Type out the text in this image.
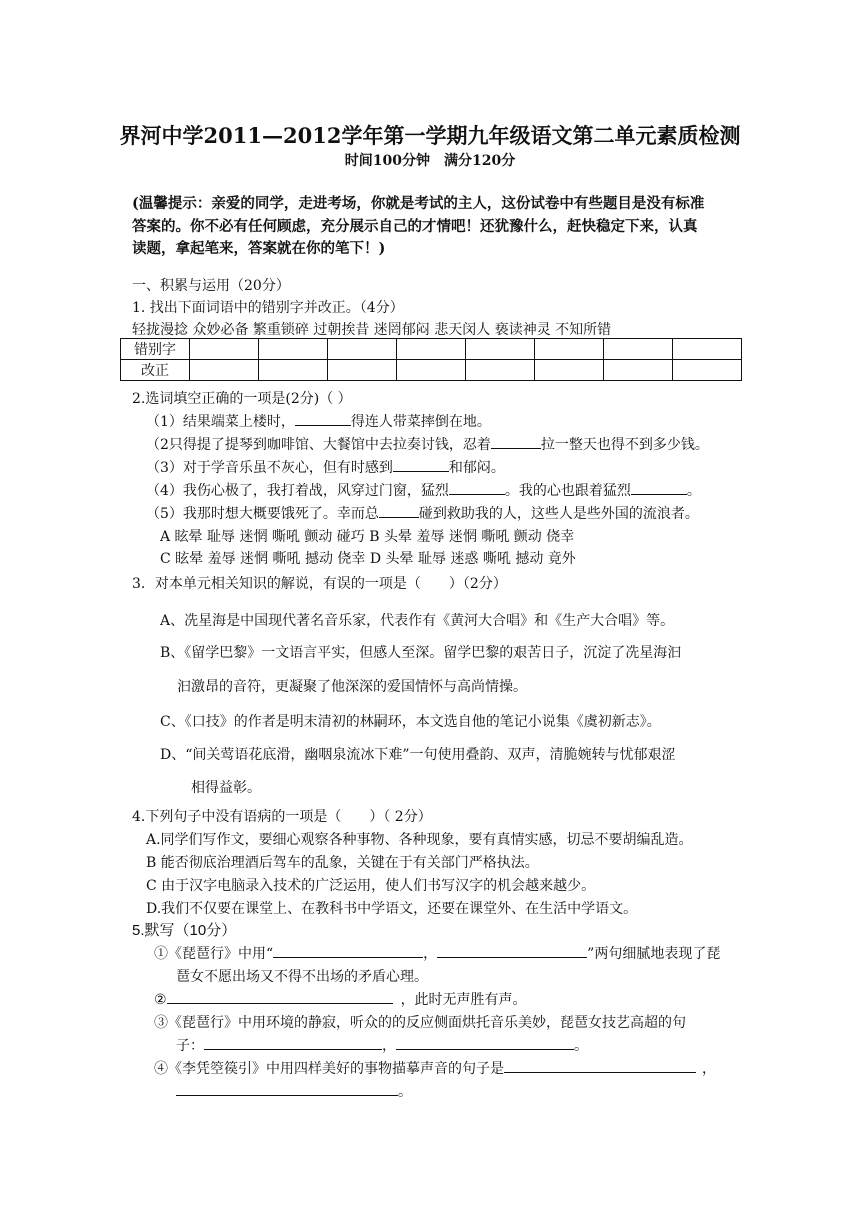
界河中学2011—2012学年第一学期九年级语文第二单元素质检测
时间100分钟　满分120分
(温馨提示：亲爱的同学，走进考场，你就是考试的主人，这份试卷中有些题目是没有标准
答案的。你不必有任何顾虑，充分展示自己的才情吧！还犹豫什么，赶快稳定下来，认真
读题，拿起笔来，答案就在你的笔下！)
一、积累与运用（20分）
1. 找出下面词语中的错别字并改正。（4分）
轻拢漫捻 众妙必备 繁重锁碎 过朝挨昔 迷罔郁闷 悲天闵人 亵读神灵 不知所错
错别字								
改正								
2.选词填空正确的一项是(2分)（ ）
（1）结果端菜上楼时，	得连人带菜摔倒在地。
（2只得提了提琴到咖啡馆、大餐馆中去拉奏讨钱，忍着	拉一整天也得不到多少钱。
（3）对于学音乐虽不灰心，但有时感到	和郁闷。
（4）我伤心极了，我打着战，风穿过门窗，猛烈	。我的心也跟着猛烈	。
（5）我那时想大概要饿死了。幸而总	碰到救助我的人，这些人是些外国的流浪者。
A 眩晕 耻辱 迷惘 嘶吼 颤动 碰巧 B 头晕 羞辱 迷惘 嘶吼 颤动 侥幸
C 眩晕 羞辱 迷惘 嘶吼 撼动 侥幸 D 头晕 耻辱 迷惑 嘶吼 撼动 竟外
3．对本单元相关知识的解说，有误的一项是（　　）（2分）
A、冼星海是中国现代著名音乐家，代表作有《黄河大合唱》和《生产大合唱》等。
B、《留学巴黎》一文语言平实，但感人至深。留学巴黎的艰苦日子，沉淀了冼星海汩
汩激昂的音符，更凝聚了他深深的爱国情怀与高尚情操。
C、《口技》的作者是明末清初的林嗣环，本文选自他的笔记小说集《虞初新志》。
D、“间关莺语花底滑，幽咽泉流冰下难”一句使用叠韵、双声，清脆婉转与忧郁艰涩
相得益彰。
4.下列句子中没有语病的一项是（　　）（ 2分）
A.同学们写作文，要细心观察各种事物、各种现象，要有真情实感，切忌不要胡编乱造。
B 能否彻底治理酒后驾车的乱象，关键在于有关部门严格执法。
C 由于汉字电脑录入技术的广泛运用，使人们书写汉字的机会越来越少。
D.我们不仅要在课堂上、在教科书中学语文，还要在课堂外、在生活中学语文。
5.默写（10分）
①《琵琶行》中用“	，	”两句细腻地表现了琵
琶女不愿出场又不得不出场的矛盾心理。
②	，此时无声胜有声。
③《琵琶行》中用环境的静寂，听众的的反应侧面烘托音乐美妙，琵琶女技艺高超的句
子：	，	。
④《李凭箜篌引》中用四样美好的事物描摹声音的句子是	，
。
